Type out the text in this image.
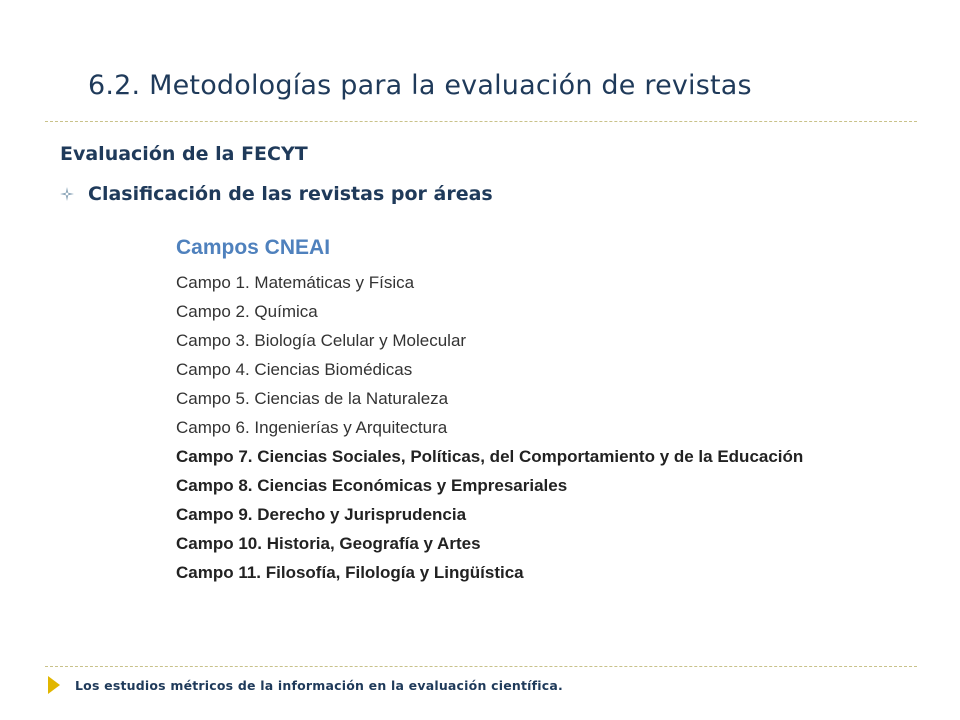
6.2. Metodologías para la evaluación de revistas
Evaluación de la FECYT
Clasificación de las revistas por áreas
Campos CNEAI
Campo 1. Matemáticas y Física
Campo 2. Química
Campo 3. Biología Celular y Molecular
Campo 4. Ciencias Biomédicas
Campo 5. Ciencias de la Naturaleza
Campo 6. Ingenierías y Arquitectura
Campo 7. Ciencias Sociales, Políticas, del Comportamiento y de la Educación
Campo 8. Ciencias Económicas y Empresariales
Campo 9. Derecho y Jurisprudencia
Campo 10. Historia, Geografía y Artes
Campo 11. Filosofía, Filología y Lingüística
Los estudios métricos de la información en la evaluación científica.
